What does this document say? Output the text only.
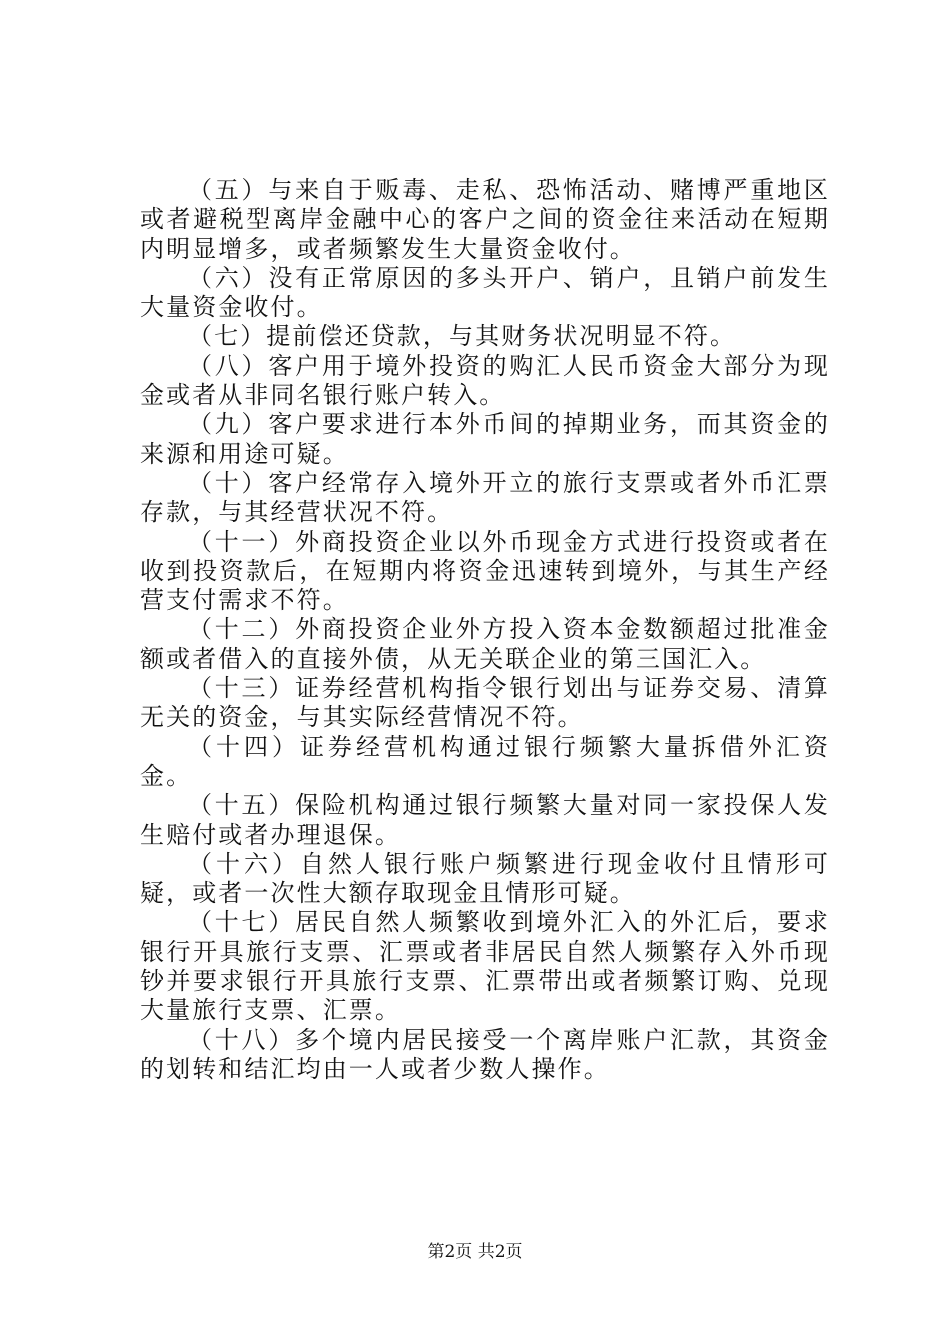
（五）与来自于贩毒、走私、恐怖活动、赌博严重地区或者避税型离岸金融中心的客户之间的资金往来活动在短期内明显增多，或者频繁发生大量资金收付。

（六）没有正常原因的多头开户、销户，且销户前发生大量资金收付。

（七）提前偿还贷款，与其财务状况明显不符。

（八）客户用于境外投资的购汇人民币资金大部分为现金或者从非同名银行账户转入。

（九）客户要求进行本外币间的掉期业务，而其资金的来源和用途可疑。

（十）客户经常存入境外开立的旅行支票或者外币汇票存款，与其经营状况不符。

（十一）外商投资企业以外币现金方式进行投资或者在收到投资款后，在短期内将资金迅速转到境外，与其生产经营支付需求不符。

（十二）外商投资企业外方投入资本金数额超过批准金额或者借入的直接外债，从无关联企业的第三国汇入。

（十三）证券经营机构指令银行划出与证券交易、清算无关的资金，与其实际经营情况不符。

（十四）证券经营机构通过银行频繁大量拆借外汇资金。

（十五）保险机构通过银行频繁大量对同一家投保人发生赔付或者办理退保。

（十六）自然人银行账户频繁进行现金收付且情形可疑，或者一次性大额存取现金且情形可疑。

（十七）居民自然人频繁收到境外汇入的外汇后，要求银行开具旅行支票、汇票或者非居民自然人频繁存入外币现钞并要求银行开具旅行支票、汇票带出或者频繁订购、兑现大量旅行支票、汇票。

（十八）多个境内居民接受一个离岸账户汇款，其资金的划转和结汇均由一人或者少数人操作。

第2页 共2页
